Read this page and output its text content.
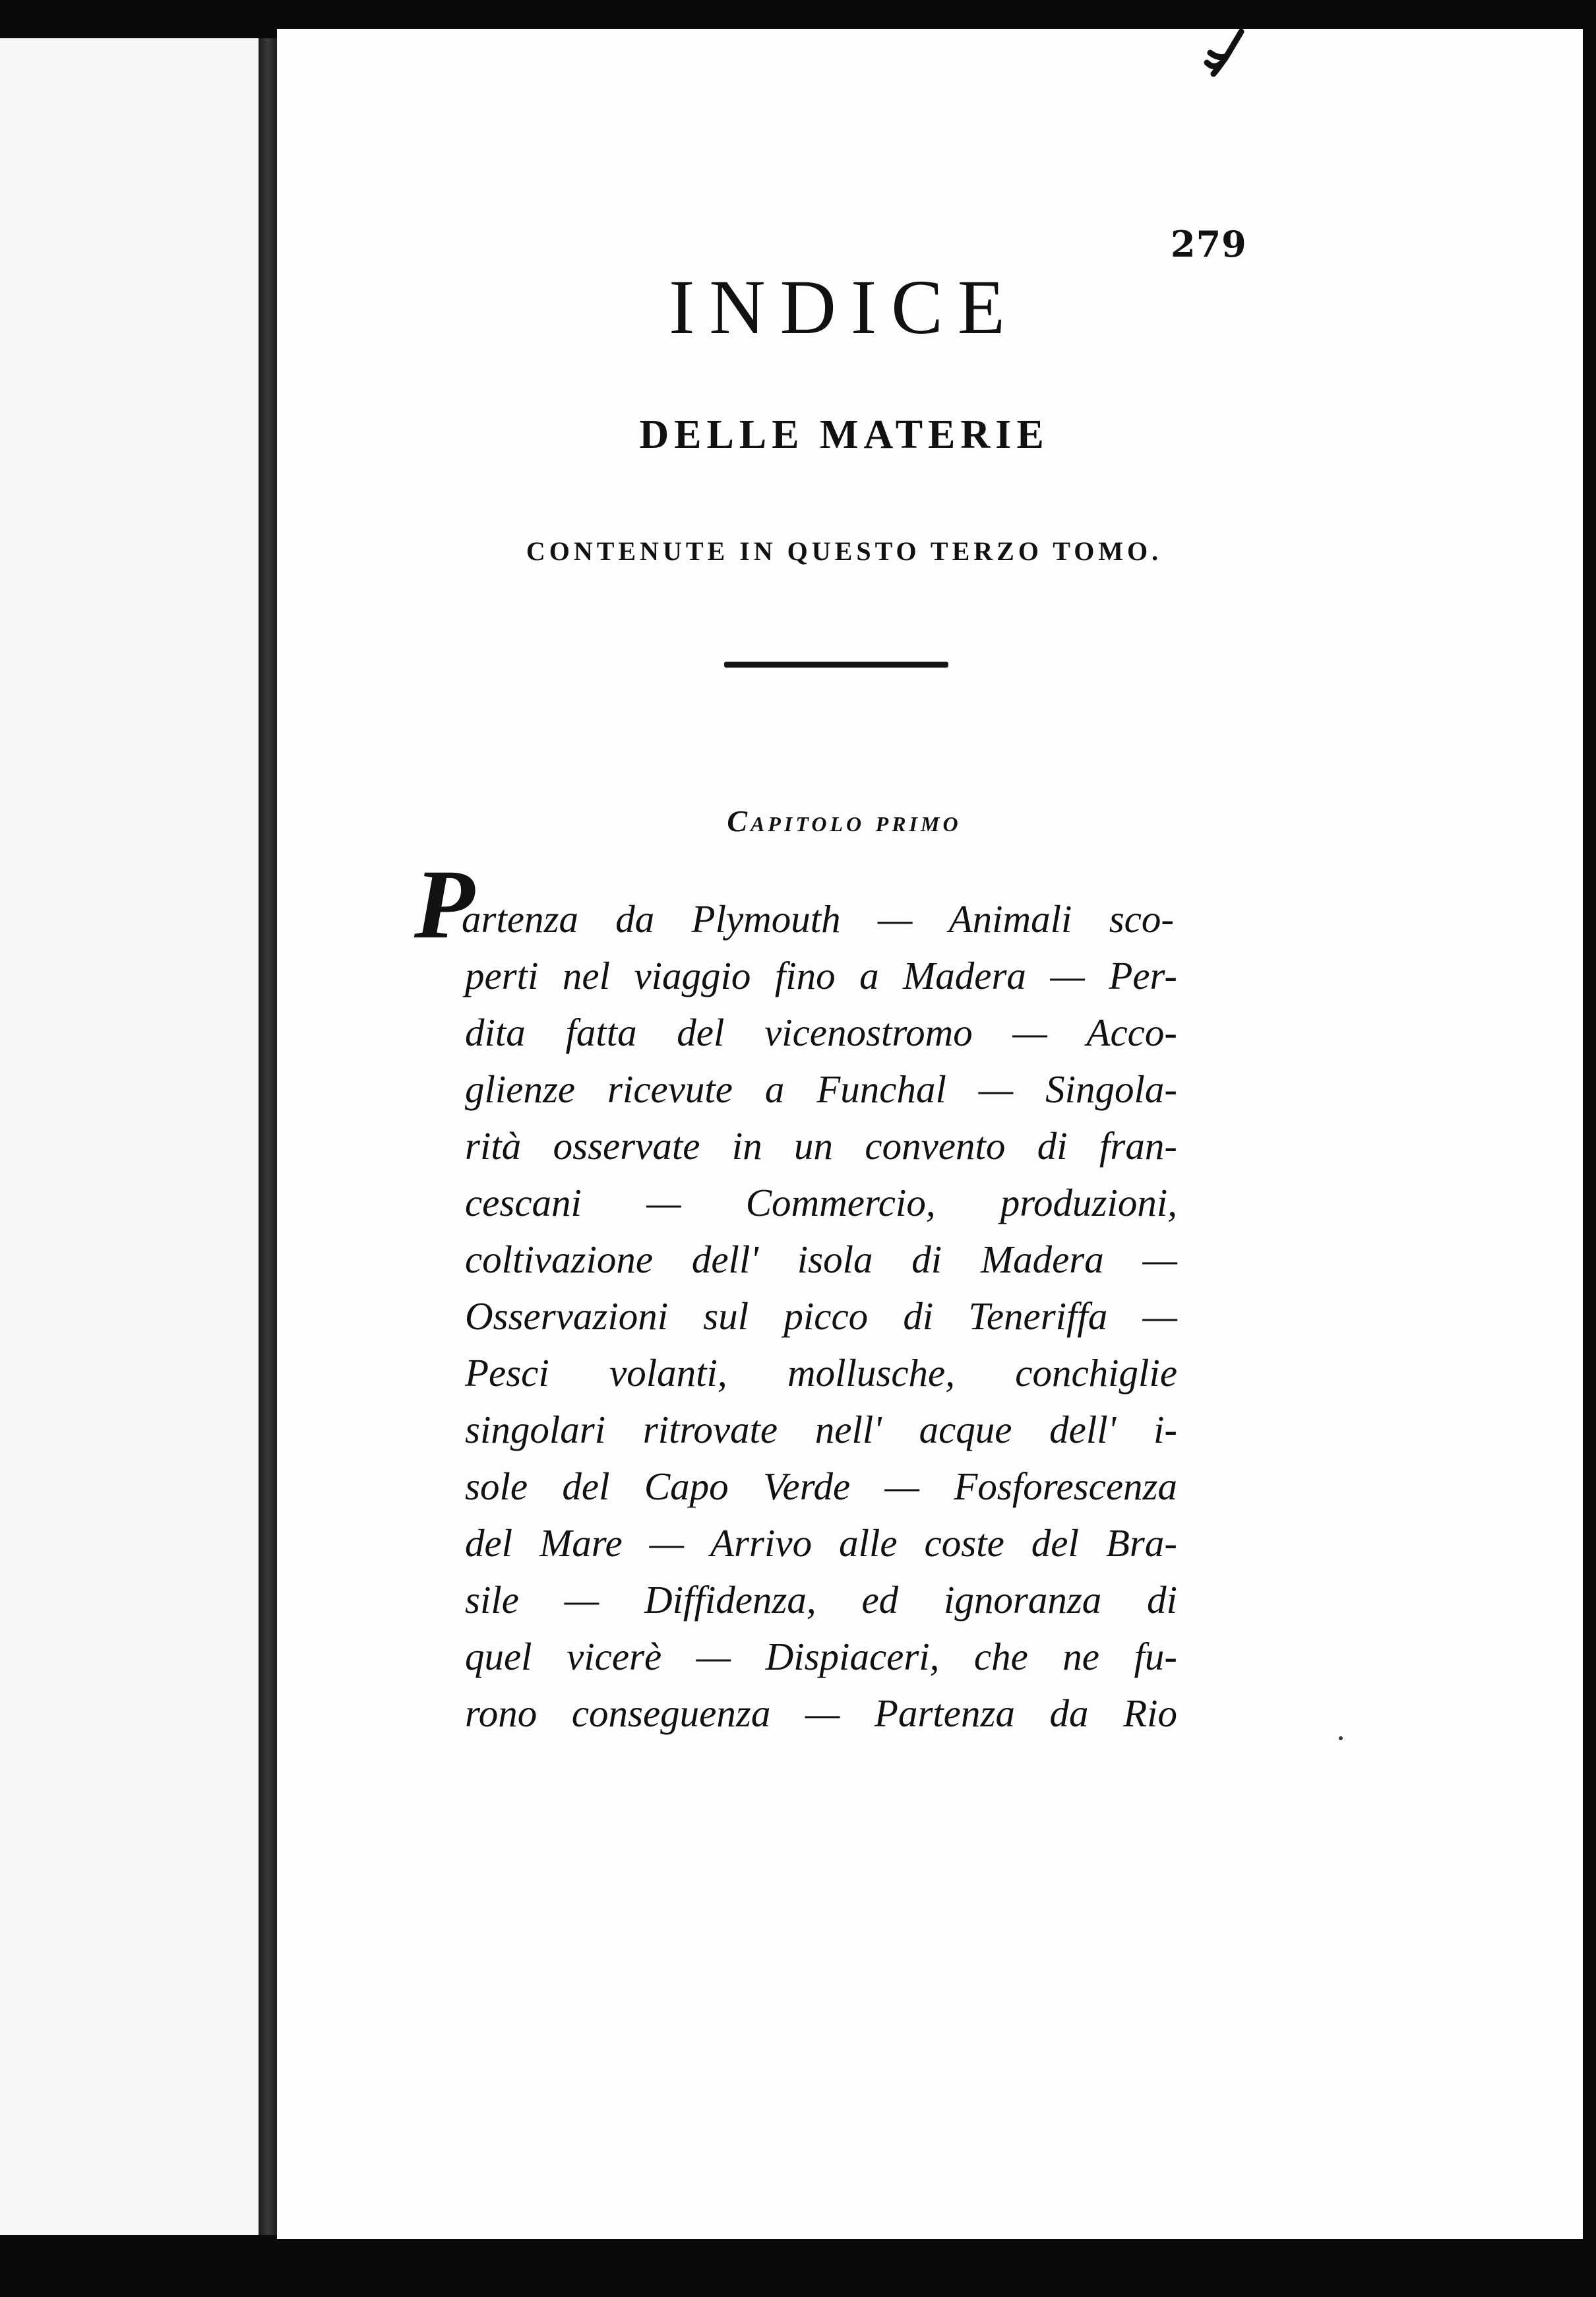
279
INDICE
DELLE MATERIE
CONTENUTE IN QUESTO TERZO TOMO.
Capitolo primo
P
artenza da Plymouth — Animali sco-
perti nel viaggio fino a Madera — Per-
dita fatta del vicenostromo — Acco-
glienze ricevute a Funchal — Singola-
rità osservate in un convento di fran-
cescani — Commercio, produzioni,
coltivazione dell' isola di Madera —
Osservazioni sul picco di Teneriffa —
Pesci volanti, mollusche, conchiglie
singolari ritrovate nell' acque dell' i-
sole del Capo Verde — Fosforescenza
del Mare — Arrivo alle coste del Bra-
sile — Diffidenza, ed ignoranza di
quel vicerè — Dispiaceri, che ne fu-
rono conseguenza — Partenza da Rio
